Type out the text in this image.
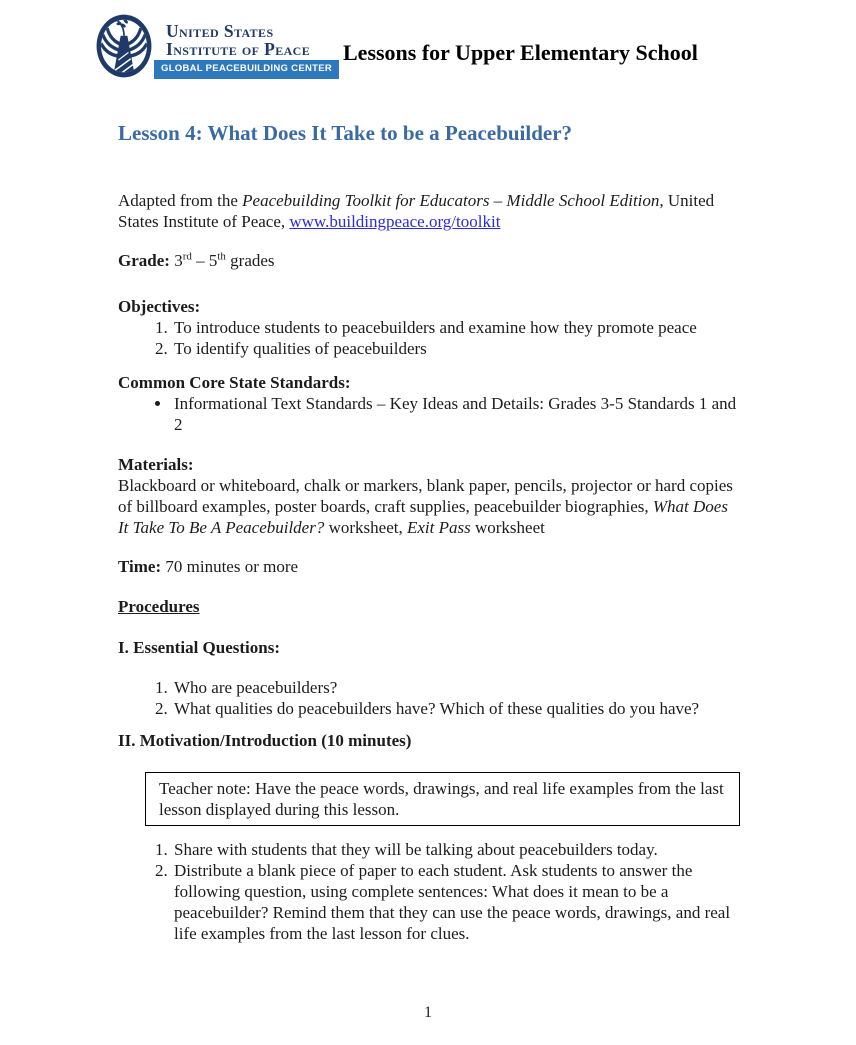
United States
Institute of Peace
GLOBAL PEACEBUILDING CENTER
Lessons for Upper Elementary School
Lesson 4: What Does It Take to be a Peacebuilder?

Adapted from the Peacebuilding Toolkit for Educators – Middle School Edition, United States Institute of Peace, www.buildingpeace.org/toolkit

Grade: 3rd – 5th grades

Objectives:

1. To introduce students to peacebuilders and examine how they promote peace
2. To identify qualities of peacebuilders

Common Core State Standards:

• Informational Text Standards – Key Ideas and Details: Grades 3-5 Standards 1 and 2

Materials:

Blackboard or whiteboard, chalk or markers, blank paper, pencils, projector or hard copies of billboard examples, poster boards, craft supplies, peacebuilder biographies, What Does It Take To Be A Peacebuilder? worksheet, Exit Pass worksheet

Time: 70 minutes or more

Procedures

I. Essential Questions:

1. Who are peacebuilders?
2. What qualities do peacebuilders have? Which of these qualities do you have?

II. Motivation/Introduction (10 minutes)

Teacher note: Have the peace words, drawings, and real life examples from the last lesson displayed during this lesson.
1. Share with students that they will be talking about peacebuilders today.
2. Distribute a blank piece of paper to each student. Ask students to answer the following question, using complete sentences: What does it mean to be a peacebuilder? Remind them that they can use the peace words, drawings, and real life examples from the last lesson for clues.
1
